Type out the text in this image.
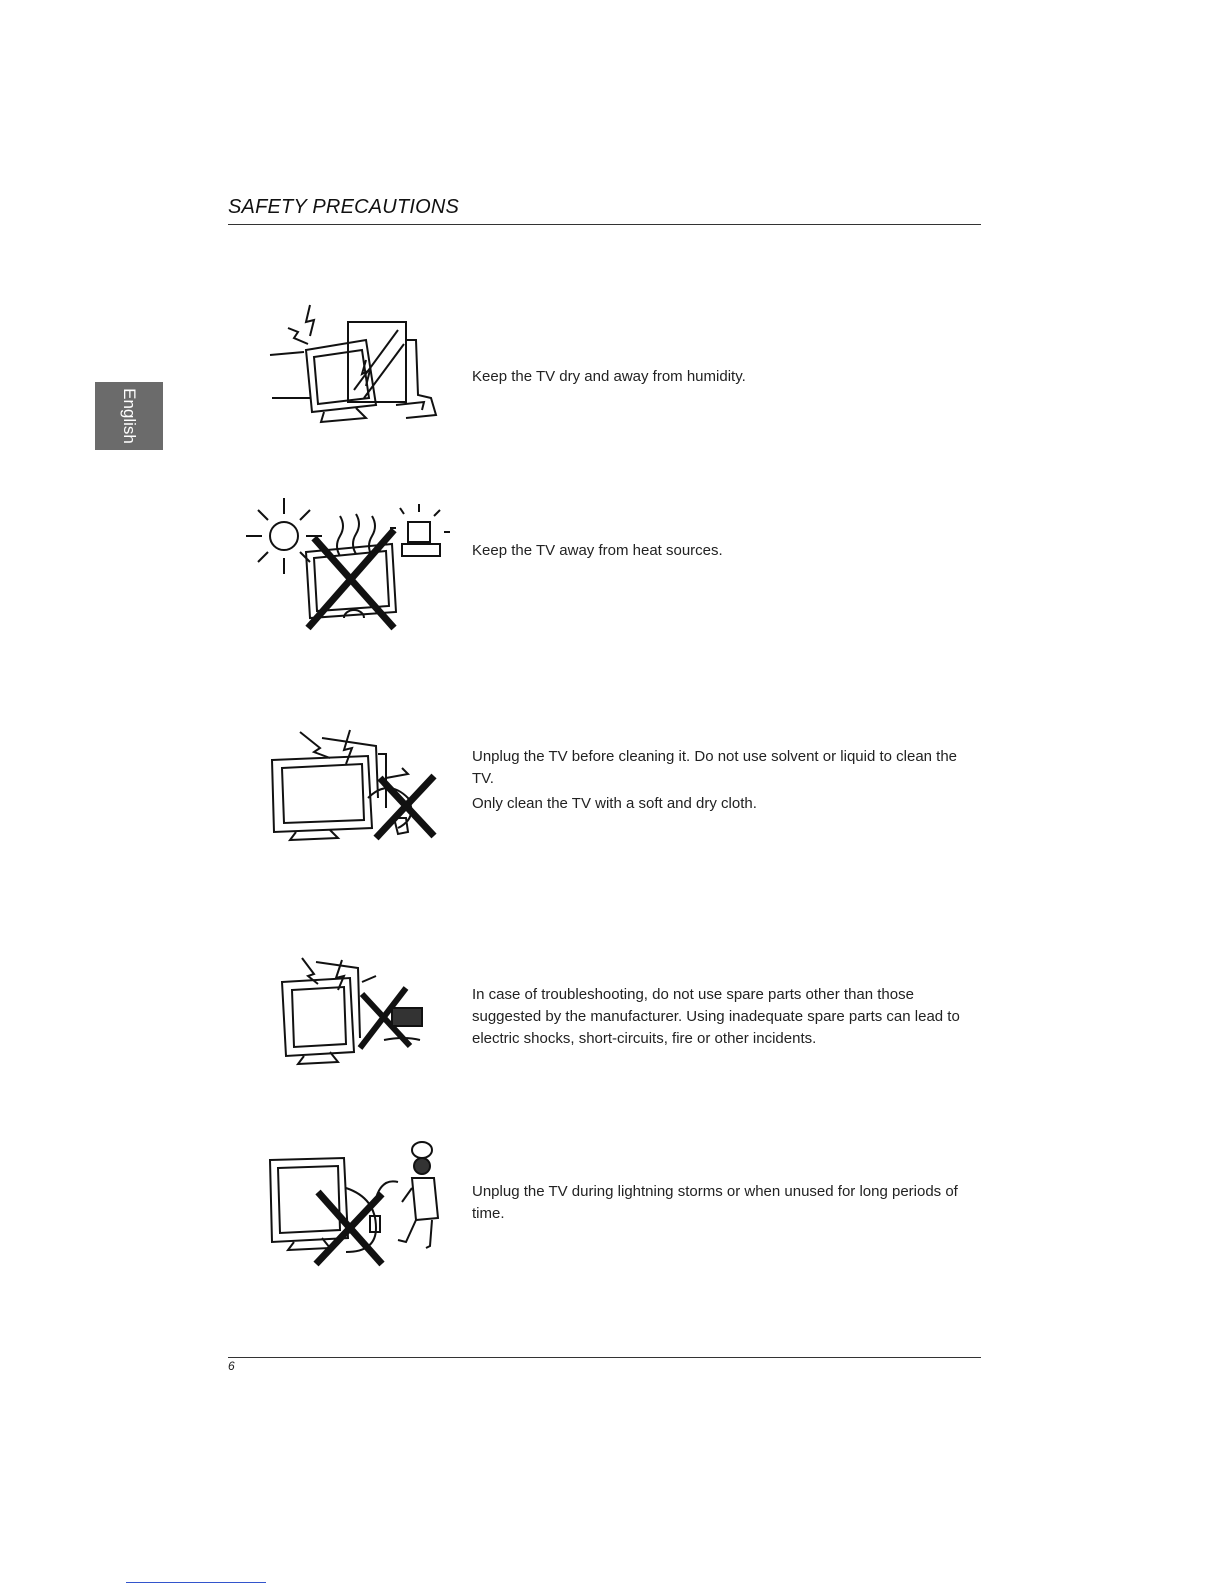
SAFETY PRECAUTIONS
English

Keep the TV dry and away from humidity.

Keep the TV away from heat sources.

Unplug the TV before cleaning it. Do not use solvent or liquid to clean the TV.

Only clean the TV with a soft and dry cloth.

In case of troubleshooting, do not use spare parts other than those suggested by the manufacturer. Using inadequate spare parts can lead to electric shocks, short-circuits, fire or other incidents.

Unplug the TV during lightning storms or when unused for long periods of time.

6
